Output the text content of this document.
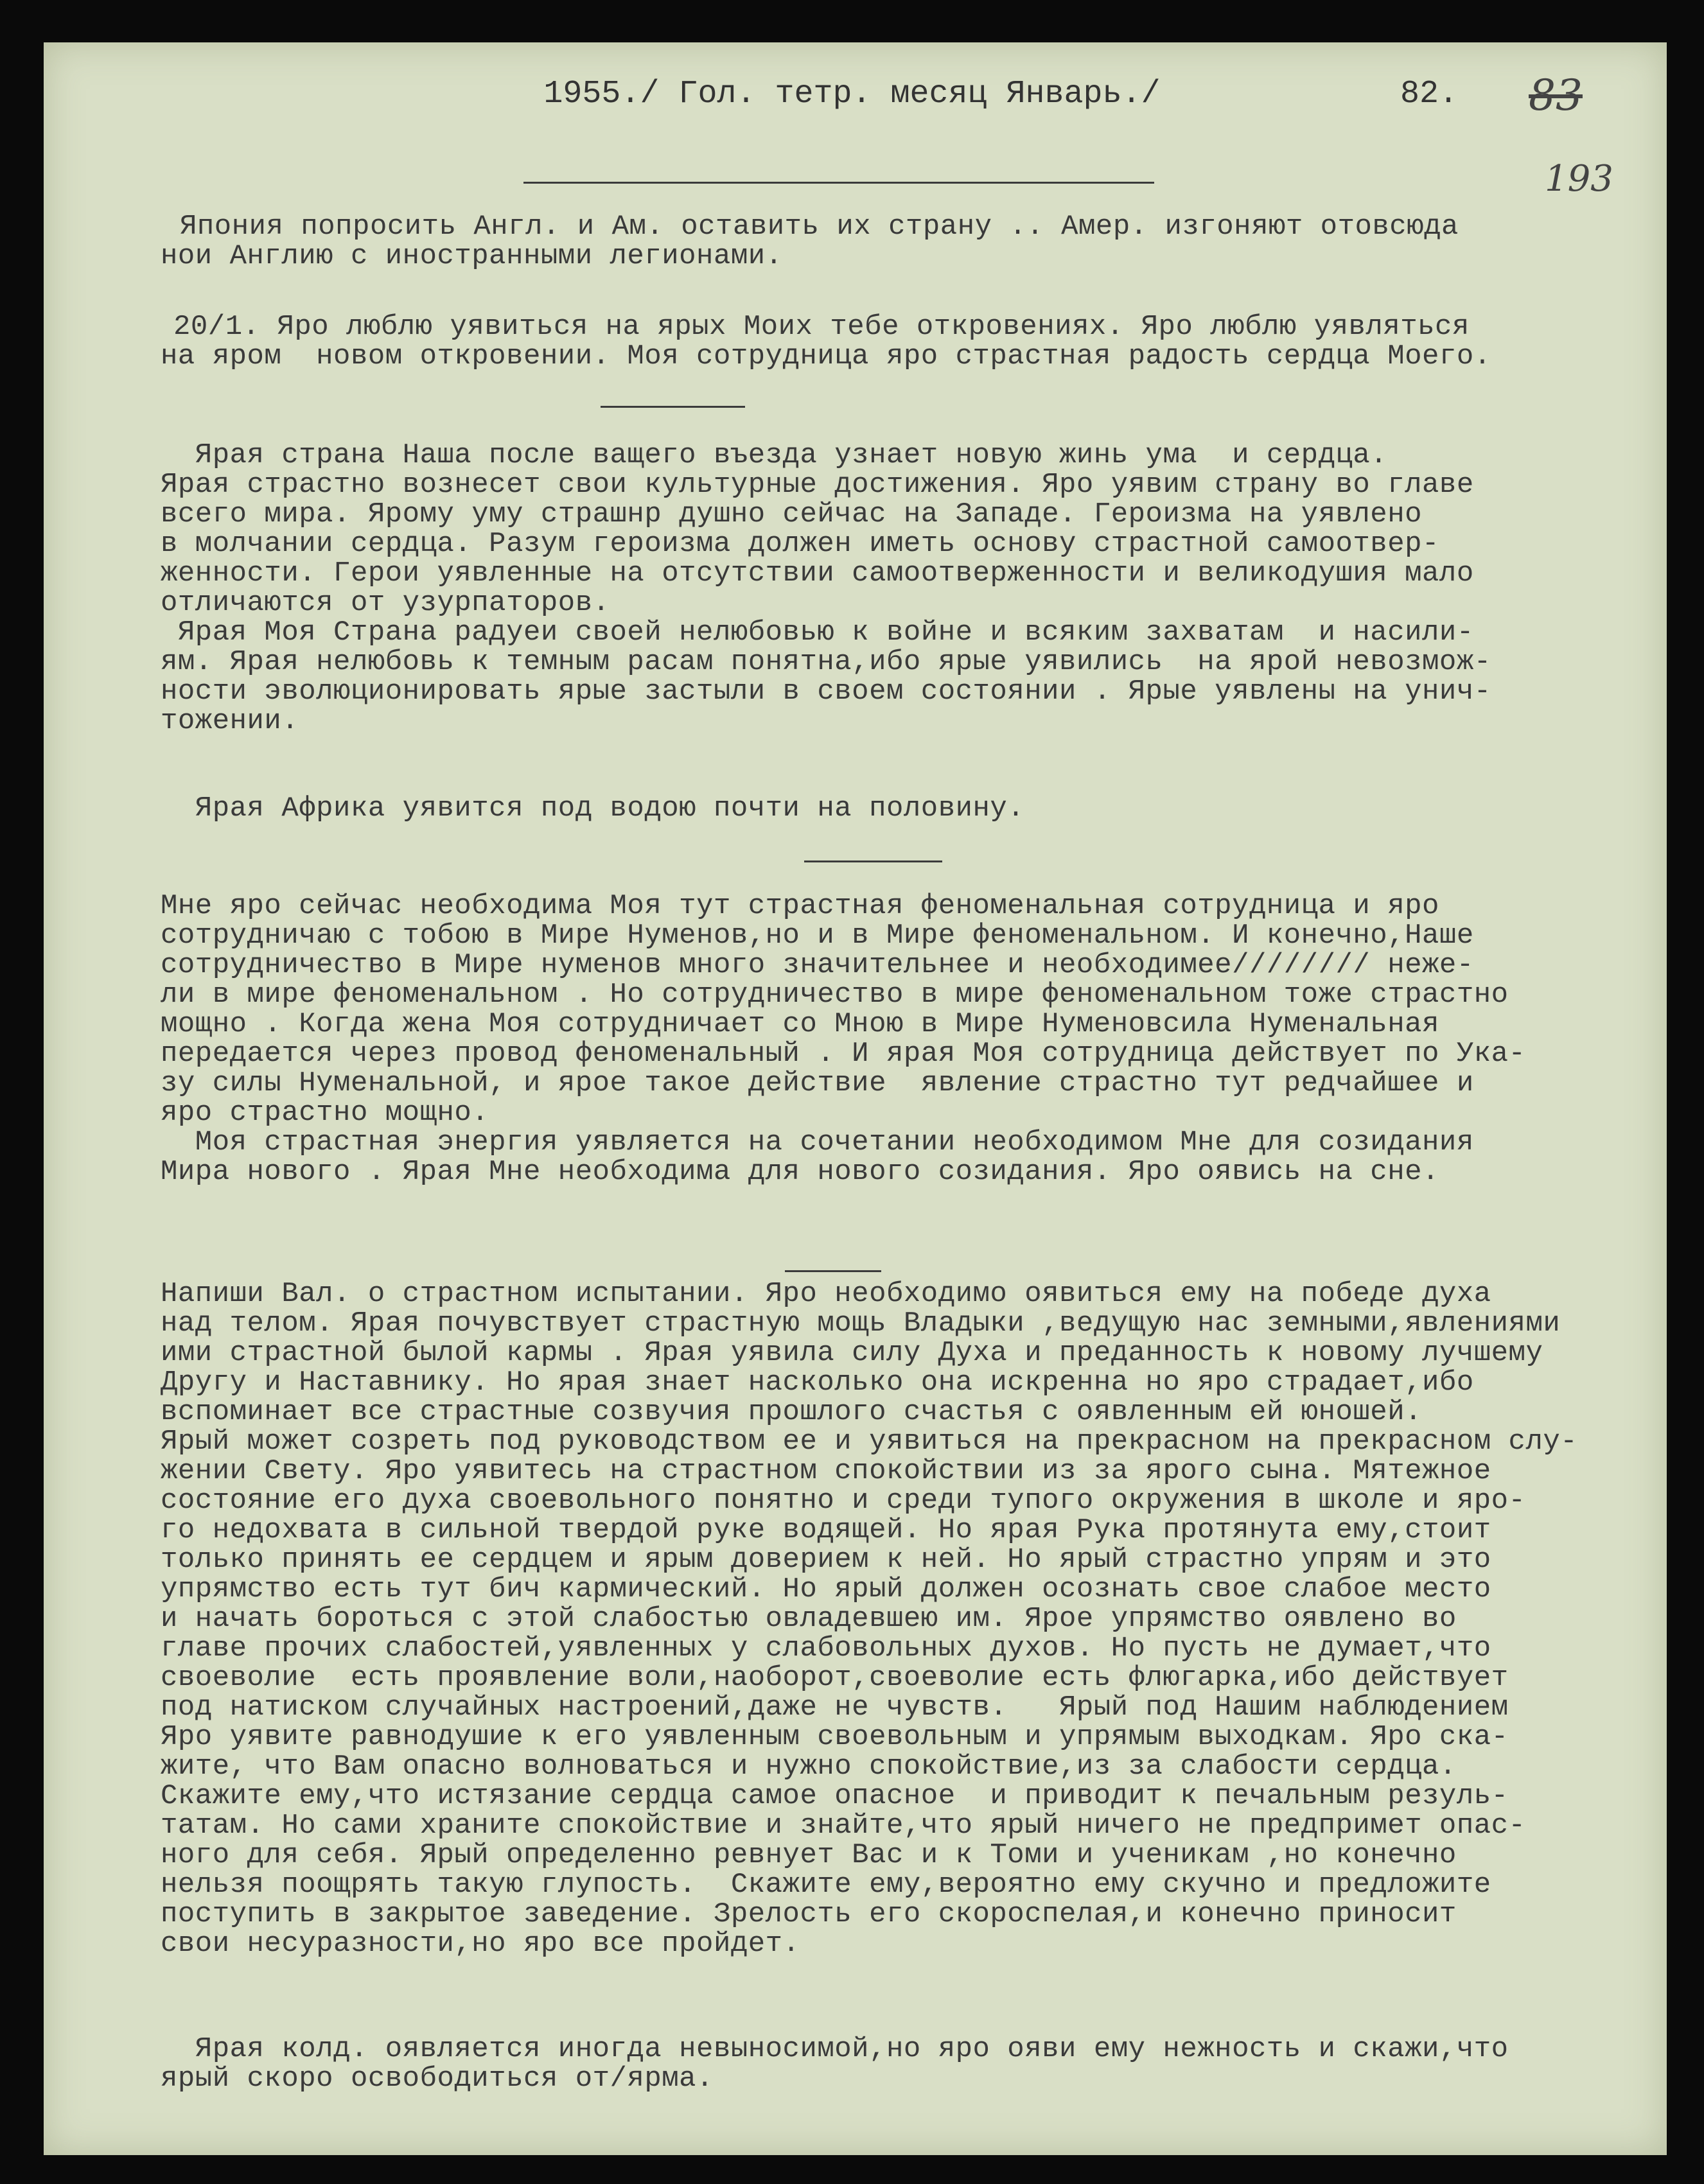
1955./ Гол. тетр. месяц Январь./	82. 83
193
Япония попросить Англ. и Ам. оставить их страну .. Амер. изгоняют отовсюда
нои Англию с иностранными легионами.
20/1. Яро люблю уявиться на ярых Моих тебе откровениях. Яро люблю уявляться
на яром  новом откровении. Моя сотрудница яро страстная радость сердца Моего.
Ярая страна Наша после ващего въезда узнает новую жинь ума  и сердца.
Ярая страстно вознесет свои культурные достижения. Яро уявим страну во главе
всего мира. Ярому уму страшнр душно сейчас на Западе. Героизма на уявлено
в молчании сердца. Разум героизма должен иметь основу страстной самоотвер-
женности. Герои уявленные на отсутствии самоотверженности и великодушия мало
отличаются от узурпаторов.
Ярая Моя Страна радуеи своей нелюбовью к войне и всяким захватам  и насили-
ям. Ярая нелюбовь к темным расам понятна,ибо ярые уявились  на ярой невозмож-
ности эволюционировать ярые застыли в своем состоянии . Ярые уявлены на унич-
тожении.
Ярая Африка уявится под водою почти на половину.
Мне яро сейчас необходима Моя тут страстная феноменальная сотрудница и яро
сотрудничаю с тобою в Мире Нуменов,но и в Мире феноменальном. И конечно,Наше
сотрудничество в Мире нуменов много значительнее и необходимее//////// неже-
ли в мире феноменальном . Но сотрудничество в мире феноменальном тоже страстно
мощно . Когда жена Моя сотрудничает со Мною в Мире Нуменовсила Нуменальная
передается через провод феноменальный . И ярая Моя сотрудница действует по Ука-
зу силы Нуменальной, и ярое такое действие  явление страстно тут редчайшее и
яро страстно мощно.
Моя страстная энергия уявляется на сочетании необходимом Мне для созидания
Мира нового . Ярая Мне необходима для нового созидания. Яро оявись на сне.
Напиши Вал. о страстном испытании. Яро необходимо оявиться ему на победе духа
над телом. Ярая почувствует страстную мощь Владыки ,ведущую нас земными,явлениями
ими страстной былой кармы . Ярая уявила силу Духа и преданность к новому лучшему
Другу и Наставнику. Но ярая знает насколько она искренна но яро страдает,ибо
вспоминает все страстные созвучия прошлого счастья с оявленным ей юношей.
Ярый может созреть под руководством ее и уявиться на прекрасном на прекрасном слу-
жении Свету. Яро уявитесь на страстном спокойствии из за ярого сына. Мятежное
состояние его духа своевольного понятно и среди тупого окружения в школе и яро-
го недохвата в сильной твердой руке водящей. Но ярая Рука протянута ему,стоит
только принять ее сердцем и ярым доверием к ней. Но ярый страстно упрям и это
упрямство есть тут бич кармический. Но ярый должен осознать свое слабое место
и начать бороться с этой слабостью овладевшею им. Ярое упрямство оявлено во
главе прочих слабостей,уявленных у слабовольных духов. Но пусть не думает,что
своеволие  есть проявление воли,наоборот,своеволие есть флюгарка,ибо действует
под натиском случайных настроений,даже не чувств.   Ярый под Нашим наблюдением
Яро уявите равнодушие к его уявленным своевольным и упрямым выходкам. Яро ска-
жите, что Вам опасно волноваться и нужно спокойствие,из за слабости сердца.
Скажите ему,что истязание сердца самое опасное  и приводит к печальным резуль-
татам. Но сами храните спокойствие и знайте,что ярый ничего не предпримет опас-
ного для себя. Ярый определенно ревнует Вас и к Томи и ученикам ,но конечно
нельзя поощрять такую глупость.  Скажите ему,вероятно ему скучно и предложите
поступить в закрытое заведение. Зрелость его скороспелая,и конечно приносит
свои несуразности,но яро все пройдет.
Ярая колд. оявляется иногда невыносимой,но яро ояви ему нежность и скажи,что
ярый скоро освободиться от/ярма.
